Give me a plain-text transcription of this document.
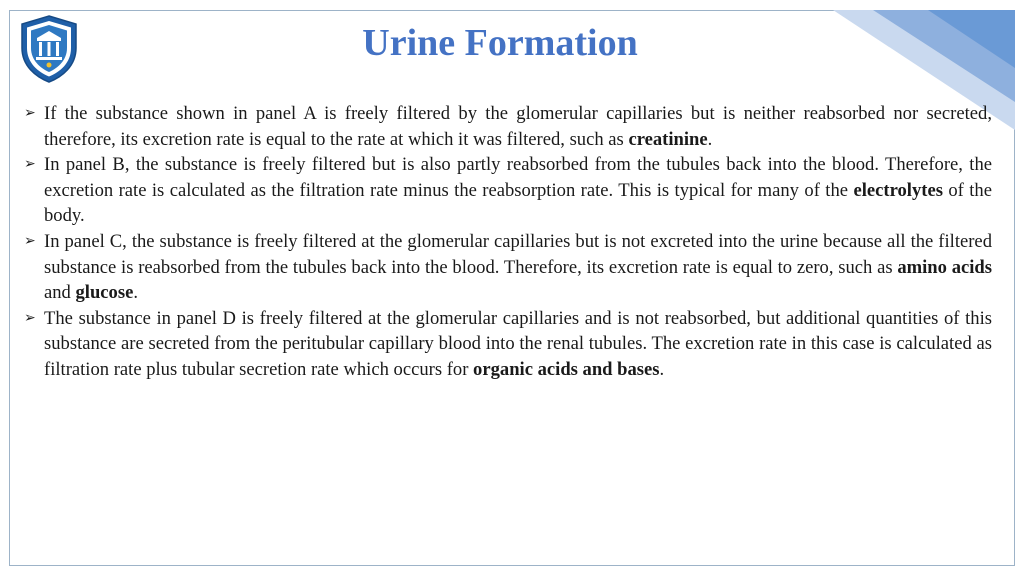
Urine Formation
➢ If the substance shown in panel A is freely filtered by the glomerular capillaries but is neither reabsorbed nor secreted, therefore, its excretion rate is equal to the rate at which it was filtered, such as creatinine.
➢ In panel B, the substance is freely filtered but is also partly reabsorbed from the tubules back into the blood. Therefore, the excretion rate is calculated as the filtration rate minus the reabsorption rate. This is typical for many of the electrolytes of the body.
➢ In panel C, the substance is freely filtered at the glomerular capillaries but is not excreted into the urine because all the filtered substance is reabsorbed from the tubules back into the blood. Therefore, its excretion rate is equal to zero, such as amino acids and glucose.
➢ The substance in panel D is freely filtered at the glomerular capillaries and is not reabsorbed, but additional quantities of this substance are secreted from the peritubular capillary blood into the renal tubules. The excretion rate in this case is calculated as filtration rate plus tubular secretion rate which occurs for organic acids and bases.
